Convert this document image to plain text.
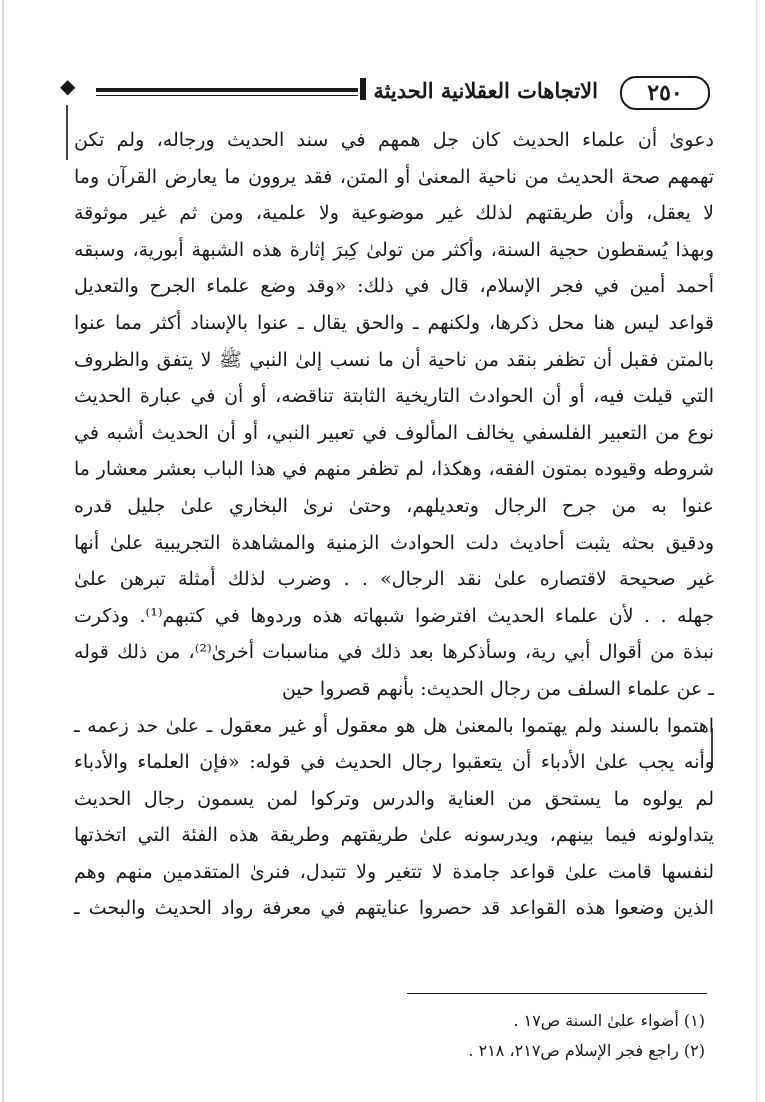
◆	الاتجاهات العقلانية الحديثة	٢٥٠

دعوىٰ أن علماء الحديث كان جل همهم في سند الحديث ورجاله، ولم تكن

تهمهم صحة الحديث من ناحية المعنىٰ أو المتن، فقد يروون ما يعارض القرآن وما

لا يعقل، وأن طريقتهم لذلك غير موضوعية ولا علمية، ومن ثم غير موثوقة

وبهذا يُسقطون حجية السنة، وأكثر من تولىٰ كِبرَ إثارة هذه الشبهة أبورية، وسبقه

أحمد أمين في فجر الإسلام، قال في ذلك: «وقد وضع علماء الجرح والتعديل

قواعد ليس هنا محل ذكرها، ولكنهم ـ والحق يقال ـ عنوا بالإسناد أكثر مما عنوا

بالمتن فقبل أن تظفر بنقد من ناحية أن ما نسب إلىٰ النبي ﷺ لا يتفق والظروف

التي قيلت فيه، أو أن الحوادث التاريخية الثابتة تناقضه، أو أن في عبارة الحديث

نوع من التعبير الفلسفي يخالف المألوف في تعبير النبي، أو أن الحديث أشبه في

شروطه وقيوده بمتون الفقه، وهكذا، لم تظفر منهم في هذا الباب بعشر معشار ما

عنوا به من جرح الرجال وتعديلهم، وحتىٰ نرىٰ البخاري علىٰ جليل قدره

ودقيق بحثه يثبت أحاديث دلت الحوادث الزمنية والمشاهدة التجريبية علىٰ أنها

غير صحيحة لاقتصاره علىٰ نقد الرجال» . . وضرب لذلك أمثلة تبرهن علىٰ

جهله . . لأن علماء الحديث افترضوا شبهاته هذه وردوها في كتبهم⁽¹⁾. وذكرت

نبذة من أقوال أبي رية، وسأذكرها بعد ذلك في مناسبات أخرىٰ⁽²⁾، من ذلك قوله

ـ عن علماء السلف من رجال الحديث: بأنهم قصروا حين

اهتموا بالسند ولم يهتموا بالمعنىٰ هل هو معقول أو غير معقول ـ علىٰ حد زعمه ـ

وأنه يجب علىٰ الأدباء أن يتعقبوا رجال الحديث في قوله: «فإن العلماء والأدباء

لم يولوه ما يستحق من العناية والدرس وتركوا لمن يسمون رجال الحديث

يتداولونه فيما بينهم، ويدرسونه علىٰ طريقتهم وطريقة هذه الفئة التي اتخذتها

لنفسها قامت علىٰ قواعد جامدة لا تتغير ولا تتبدل، فنرىٰ المتقدمين منهم وهم

الذين وضعوا هذه القواعد قد حصروا عنايتهم في معرفة رواد الحديث والبحث ـ

(١) أضواء علىٰ السنة ص١٧ .
(٢) راجع فجر الإسلام ص٢١٧، ٢١٨ .
